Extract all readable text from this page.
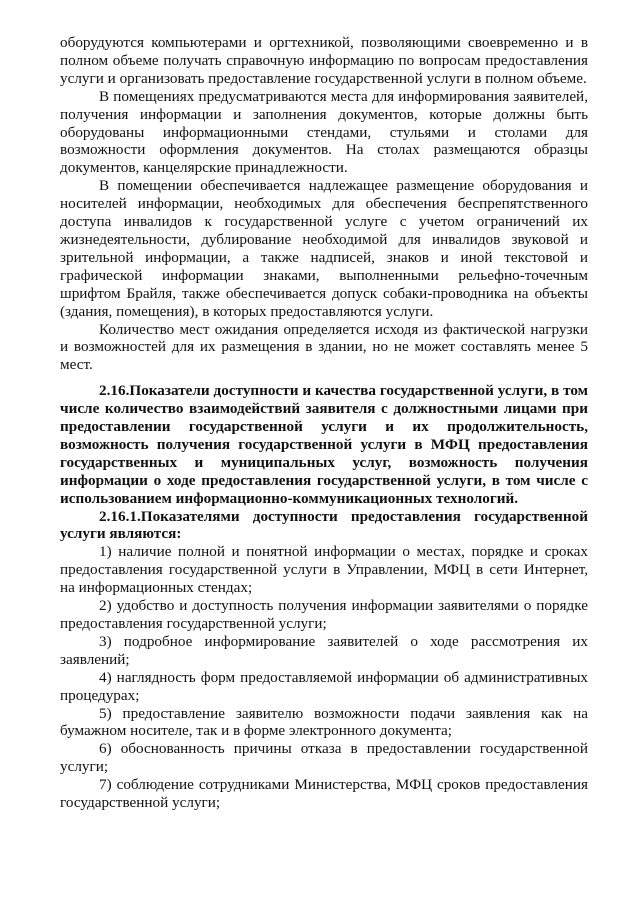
оборудуются компьютерами и оргтехникой, позволяющими своевременно и в полном объеме получать справочную информацию по вопросам предоставления услуги и организовать предоставление государственной услуги в полном объеме.

В помещениях предусматриваются места для информирования заявителей, получения информации и заполнения документов, которые должны быть оборудованы информационными стендами, стульями и столами для возможности оформления документов. На столах размещаются образцы документов, канцелярские принадлежности.

В помещении обеспечивается надлежащее размещение оборудования и носителей информации, необходимых для обеспечения беспрепятственного доступа инвалидов к государственной услуге с учетом ограничений их жизнедеятельности, дублирование необходимой для инвалидов звуковой и зрительной информации, а также надписей, знаков и иной текстовой и графической информации знаками, выполненными рельефно-точечным шрифтом Брайля, также обеспечивается допуск собаки-проводника на объекты (здания, помещения), в которых предоставляются услуги.

Количество мест ожидания определяется исходя из фактической нагрузки и возможностей для их размещения в здании, но не может составлять менее 5 мест.

2.16.Показатели доступности и качества государственной услуги, в том числе количество взаимодействий заявителя с должностными лицами при предоставлении государственной услуги и их продолжительность, возможность получения государственной услуги в МФЦ предоставления государственных и муниципальных услуг, возможность получения информации о ходе предоставления государственной услуги, в том числе с использованием информационно-коммуникационных технологий.

2.16.1.Показателями доступности предоставления государственной услуги являются:

1) наличие полной и понятной информации о местах, порядке и сроках предоставления государственной услуги в Управлении, МФЦ в сети Интернет, на информационных стендах;

2) удобство и доступность получения информации заявителями о порядке предоставления государственной услуги;

3) подробное информирование заявителей о ходе рассмотрения их заявлений;

4) наглядность форм предоставляемой информации об административных процедурах;

5) предоставление заявителю возможности подачи заявления как на бумажном носителе, так и в форме электронного документа;

6) обоснованность причины отказа в предоставлении государственной услуги;

7) соблюдение сотрудниками Министерства, МФЦ сроков предоставления государственной услуги;
